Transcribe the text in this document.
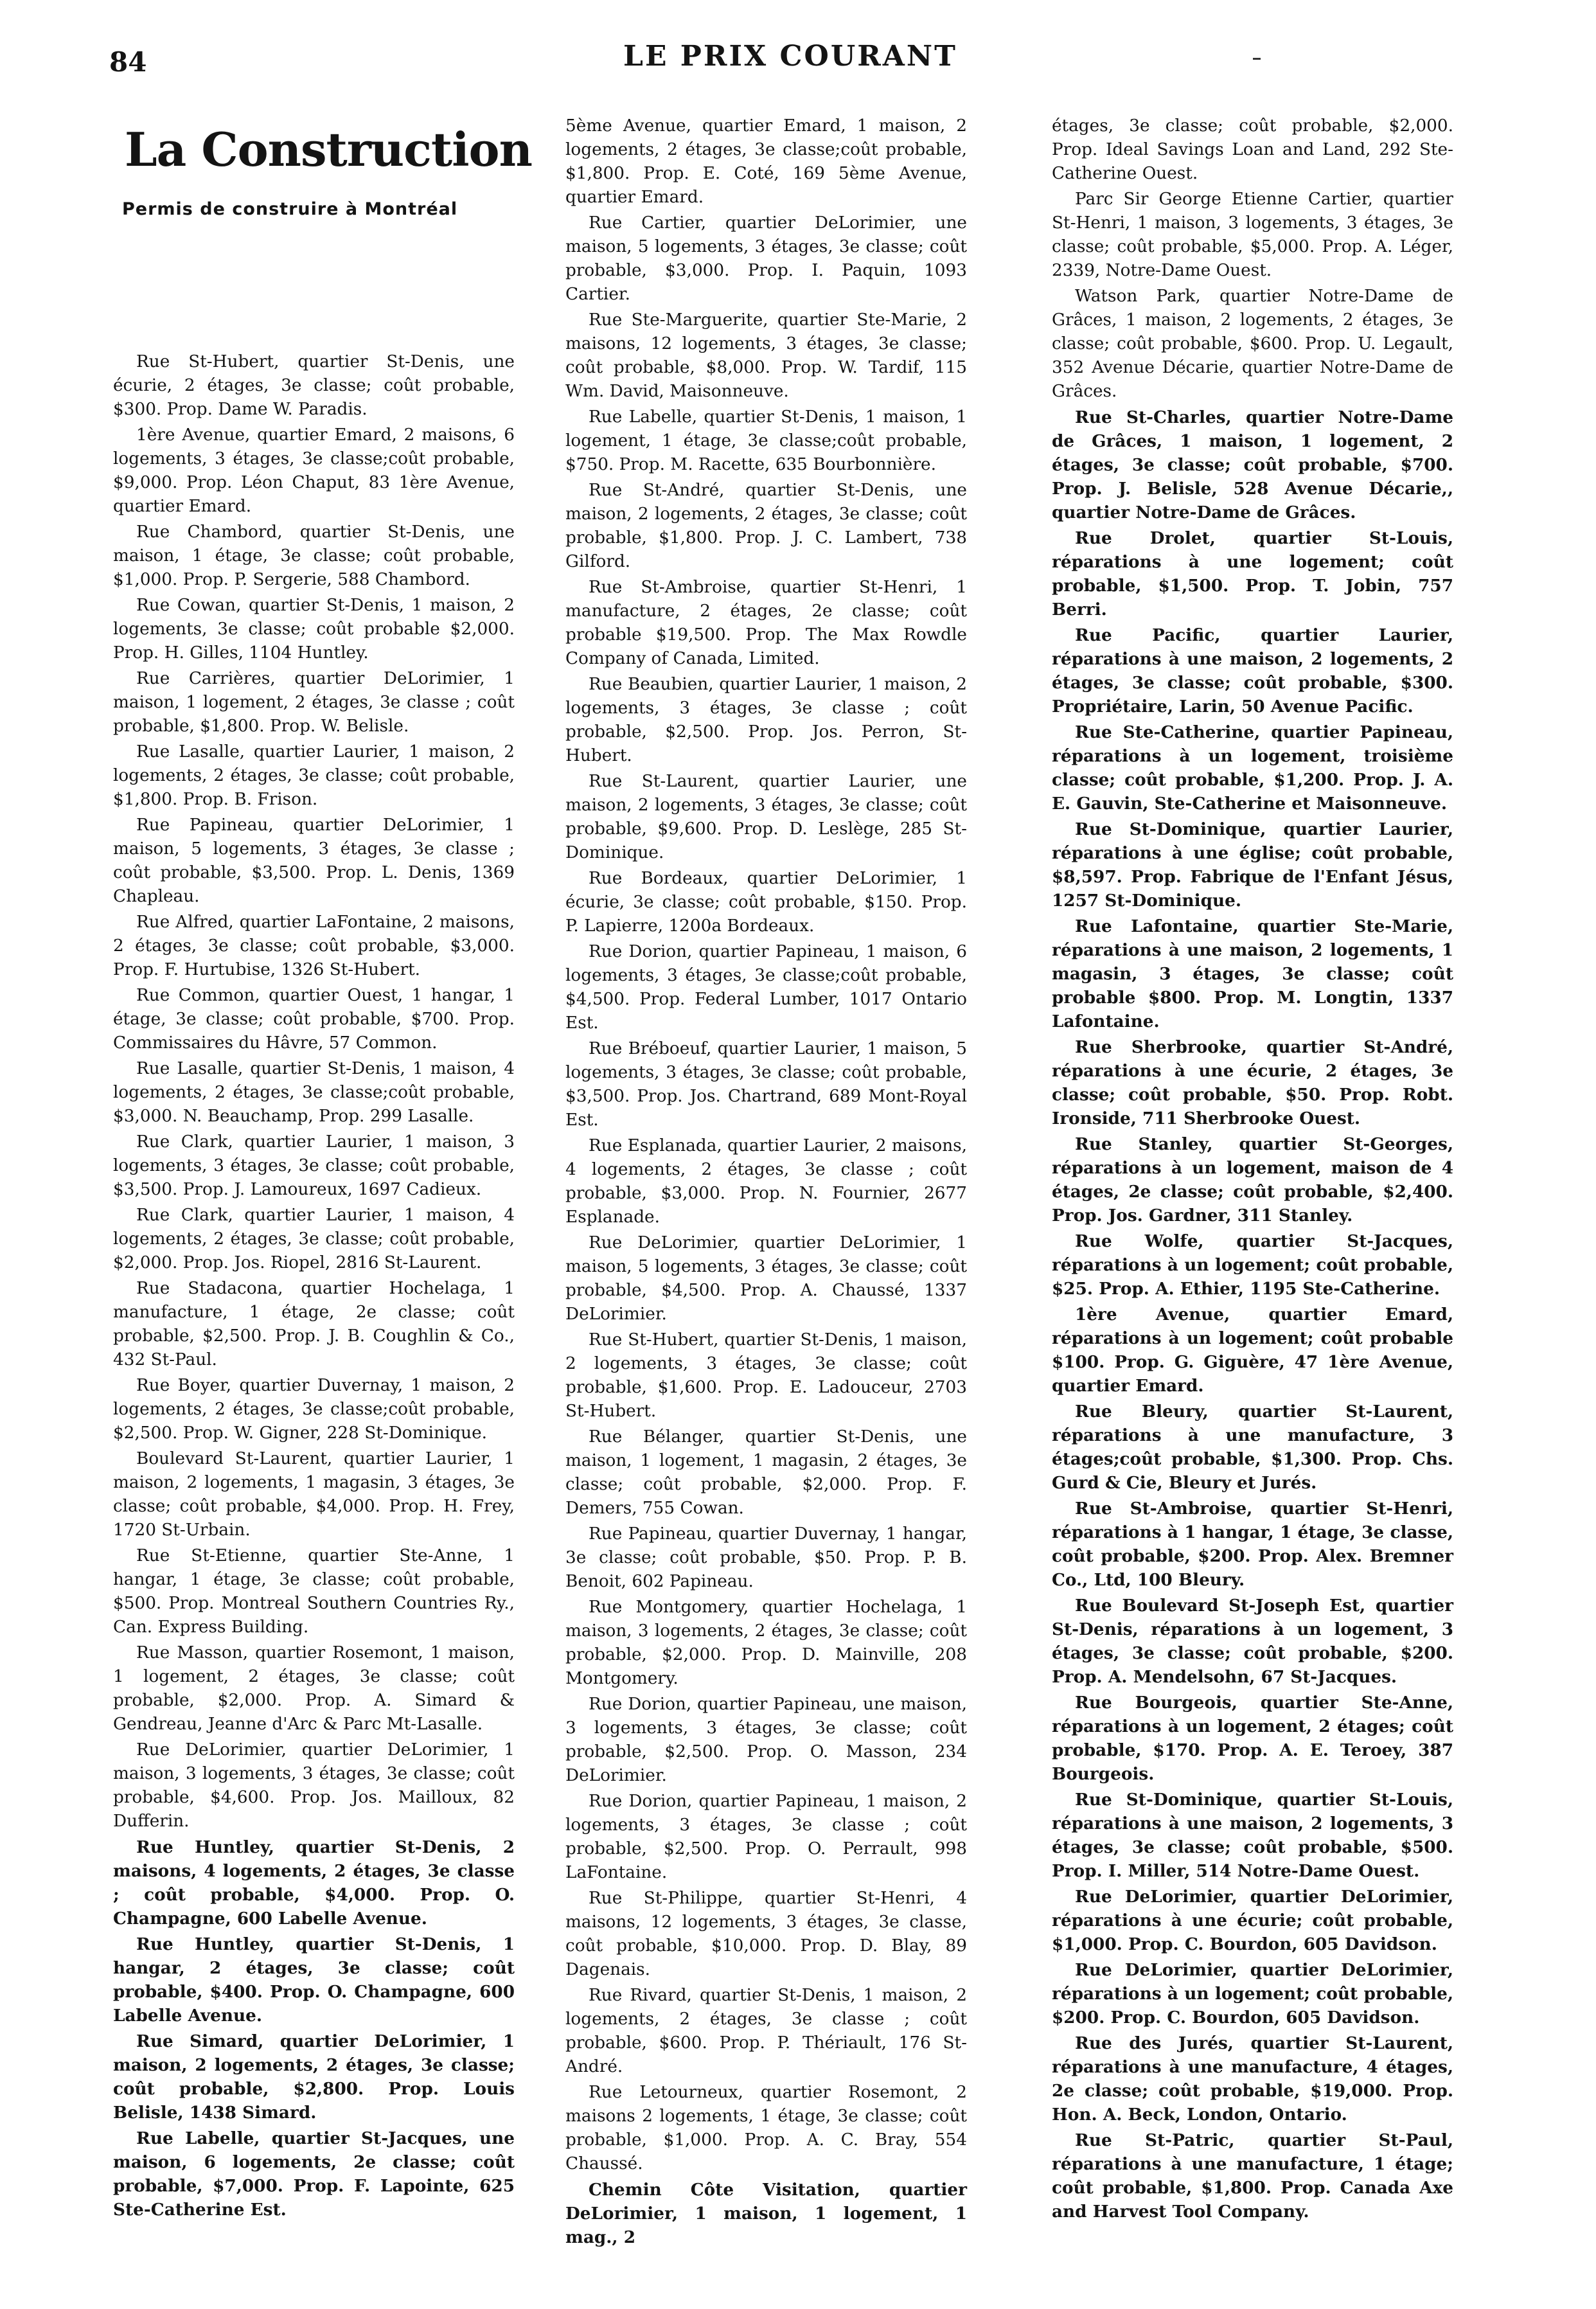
84	LE PRIX COURANT
La Construction
Permis de construire à Montréal

Rue St-Hubert, quartier St-Denis, une écurie, 2 étages, 3e classe; coût probable, $300. Prop. Dame W. Paradis.

1ère Avenue, quartier Emard, 2 maisons, 6 logements, 3 étages, 3e classe;coût probable, $9,000. Prop. Léon Chaput, 83 1ère Avenue, quartier Emard.

Rue Chambord, quartier St-Denis, une maison, 1 étage, 3e classe; coût probable, $1,000. Prop. P. Sergerie, 588 Chambord.

Rue Cowan, quartier St-Denis, 1 maison, 2 logements, 3e classe; coût probable $2,000. Prop. H. Gilles, 1104 Huntley.

Rue Carrières, quartier DeLorimier, 1 maison, 1 logement, 2 étages, 3e classe ; coût probable, $1,800. Prop. W. Belisle.

Rue Lasalle, quartier Laurier, 1 maison, 2 logements, 2 étages, 3e classe; coût probable, $1,800. Prop. B. Frison.

Rue Papineau, quartier DeLorimier, 1 maison, 5 logements, 3 étages, 3e classe ; coût probable, $3,500. Prop. L. Denis, 1369 Chapleau.

Rue Alfred, quartier LaFontaine, 2 maisons, 2 étages, 3e classe; coût probable, $3,000. Prop. F. Hurtubise, 1326 St-Hubert.

Rue Common, quartier Ouest, 1 hangar, 1 étage, 3e classe; coût probable, $700. Prop. Commissaires du Hâvre, 57 Common.

Rue Lasalle, quartier St-Denis, 1 maison, 4 logements, 2 étages, 3e classe;coût probable, $3,000. N. Beauchamp, Prop. 299 Lasalle.

Rue Clark, quartier Laurier, 1 maison, 3 logements, 3 étages, 3e classe; coût probable, $3,500. Prop. J. Lamoureux, 1697 Cadieux.

Rue Clark, quartier Laurier, 1 maison, 4 logements, 2 étages, 3e classe; coût probable, $2,000. Prop. Jos. Riopel, 2816 St-Laurent.

Rue Stadacona, quartier Hochelaga, 1 manufacture, 1 étage, 2e classe; coût probable, $2,500. Prop. J. B. Coughlin & Co., 432 St-Paul.

Rue Boyer, quartier Duvernay, 1 maison, 2 logements, 2 étages, 3e classe;coût probable, $2,500. Prop. W. Gigner, 228 St-Dominique.

Boulevard St-Laurent, quartier Laurier, 1 maison, 2 logements, 1 magasin, 3 étages, 3e classe; coût probable, $4,000. Prop. H. Frey, 1720 St-Urbain.

Rue St-Etienne, quartier Ste-Anne, 1 hangar, 1 étage, 3e classe; coût probable, $500. Prop. Montreal Southern Countries Ry., Can. Express Building.

Rue Masson, quartier Rosemont, 1 maison, 1 logement, 2 étages, 3e classe; coût probable, $2,000. Prop. A. Simard & Gendreau, Jeanne d'Arc & Parc Mt-Lasalle.

Rue DeLorimier, quartier DeLorimier, 1 maison, 3 logements, 3 étages, 3e classe; coût probable, $4,600. Prop. Jos. Mailloux, 82 Dufferin.

Rue Huntley, quartier St-Denis, 2 maisons, 4 logements, 2 étages, 3e classe ; coût probable, $4,000. Prop. O. Champagne, 600 Labelle Avenue.

Rue Huntley, quartier St-Denis, 1 hangar, 2 étages, 3e classe; coût probable, $400. Prop. O. Champagne, 600 Labelle Avenue.

Rue Simard, quartier DeLorimier, 1 maison, 2 logements, 2 étages, 3e classe; coût probable, $2,800. Prop. Louis Belisle, 1438 Simard.

Rue Labelle, quartier St-Jacques, une maison, 6 logements, 2e classe; coût probable, $7,000. Prop. F. Lapointe, 625 Ste-Catherine Est.

5ème Avenue, quartier Emard, 1 maison, 2 logements, 2 étages, 3e classe;coût probable, $1,800. Prop. E. Coté, 169 5ème Avenue, quartier Emard.

Rue Cartier, quartier DeLorimier, une maison, 5 logements, 3 étages, 3e classe; coût probable, $3,000. Prop. I. Paquin, 1093 Cartier.

Rue Ste-Marguerite, quartier Ste-Marie, 2 maisons, 12 logements, 3 étages, 3e classe; coût probable, $8,000. Prop. W. Tardif, 115 Wm. David, Maisonneuve.

Rue Labelle, quartier St-Denis, 1 maison, 1 logement, 1 étage, 3e classe;coût probable, $750. Prop. M. Racette, 635 Bourbonnière.

Rue St-André, quartier St-Denis, une maison, 2 logements, 2 étages, 3e classe; coût probable, $1,800. Prop. J. C. Lambert, 738 Gilford.

Rue St-Ambroise, quartier St-Henri, 1 manufacture, 2 étages, 2e classe; coût probable $19,500. Prop. The Max Rowdle Company of Canada, Limited.

Rue Beaubien, quartier Laurier, 1 maison, 2 logements, 3 étages, 3e classe ; coût probable, $2,500. Prop. Jos. Perron, St-Hubert.

Rue St-Laurent, quartier Laurier, une maison, 2 logements, 3 étages, 3e classe; coût probable, $9,600. Prop. D. Leslège, 285 St-Dominique.

Rue Bordeaux, quartier DeLorimier, 1 écurie, 3e classe; coût probable, $150. Prop. P. Lapierre, 1200a Bordeaux.

Rue Dorion, quartier Papineau, 1 maison, 6 logements, 3 étages, 3e classe;coût probable, $4,500. Prop. Federal Lumber, 1017 Ontario Est.

Rue Bréboeuf, quartier Laurier, 1 maison, 5 logements, 3 étages, 3e classe; coût probable, $3,500. Prop. Jos. Chartrand, 689 Mont-Royal Est.

Rue Esplanada, quartier Laurier, 2 maisons, 4 logements, 2 étages, 3e classe ; coût probable, $3,000. Prop. N. Fournier, 2677 Esplanade.

Rue DeLorimier, quartier DeLorimier, 1 maison, 5 logements, 3 étages, 3e classe; coût probable, $4,500. Prop. A. Chaussé, 1337 DeLorimier.

Rue St-Hubert, quartier St-Denis, 1 maison, 2 logements, 3 étages, 3e classe; coût probable, $1,600. Prop. E. Ladouceur, 2703 St-Hubert.

Rue Bélanger, quartier St-Denis, une maison, 1 logement, 1 magasin, 2 étages, 3e classe; coût probable, $2,000. Prop. F. Demers, 755 Cowan.

Rue Papineau, quartier Duvernay, 1 hangar, 3e classe; coût probable, $50. Prop. P. B. Benoit, 602 Papineau.

Rue Montgomery, quartier Hochelaga, 1 maison, 3 logements, 2 étages, 3e classe; coût probable, $2,000. Prop. D. Mainville, 208 Montgomery.

Rue Dorion, quartier Papineau, une maison, 3 logements, 3 étages, 3e classe; coût probable, $2,500. Prop. O. Masson, 234 DeLorimier.

Rue Dorion, quartier Papineau, 1 maison, 2 logements, 3 étages, 3e classe ; coût probable, $2,500. Prop. O. Perrault, 998 LaFontaine.

Rue St-Philippe, quartier St-Henri, 4 maisons, 12 logements, 3 étages, 3e classe, coût probable, $10,000. Prop. D. Blay, 89 Dagenais.

Rue Rivard, quartier St-Denis, 1 maison, 2 logements, 2 étages, 3e classe ; coût probable, $600. Prop. P. Thériault, 176 St-André.

Rue Letourneux, quartier Rosemont, 2 maisons 2 logements, 1 étage, 3e classe; coût probable, $1,000. Prop. A. C. Bray, 554 Chaussé.

Chemin Côte Visitation, quartier DeLorimier, 1 maison, 1 logement, 1 mag., 2

étages, 3e classe; coût probable, $2,000. Prop. Ideal Savings Loan and Land, 292 Ste-Catherine Ouest.

Parc Sir George Etienne Cartier, quartier St-Henri, 1 maison, 3 logements, 3 étages, 3e classe; coût probable, $5,000. Prop. A. Léger, 2339, Notre-Dame Ouest.

Watson Park, quartier Notre-Dame de Grâces, 1 maison, 2 logements, 2 étages, 3e classe; coût probable, $600. Prop. U. Legault, 352 Avenue Décarie, quartier Notre-Dame de Grâces.

Rue St-Charles, quartier Notre-Dame de Grâces, 1 maison, 1 logement, 2 étages, 3e classe; coût probable, $700. Prop. J. Belisle, 528 Avenue Décarie,, quartier Notre-Dame de Grâces.

Rue Drolet, quartier St-Louis, réparations à une logement; coût probable, $1,500. Prop. T. Jobin, 757 Berri.

Rue Pacific, quartier Laurier, réparations à une maison, 2 logements, 2 étages, 3e classe; coût probable, $300. Propriétaire, Larin, 50 Avenue Pacific.

Rue Ste-Catherine, quartier Papineau, réparations à un logement, troisième classe; coût probable, $1,200. Prop. J. A. E. Gauvin, Ste-Catherine et Maisonneuve.

Rue St-Dominique, quartier Laurier, réparations à une église; coût probable, $8,597. Prop. Fabrique de l'Enfant Jésus, 1257 St-Dominique.

Rue Lafontaine, quartier Ste-Marie, réparations à une maison, 2 logements, 1 magasin, 3 étages, 3e classe; coût probable $800. Prop. M. Longtin, 1337 Lafontaine.

Rue Sherbrooke, quartier St-André, réparations à une écurie, 2 étages, 3e classe; coût probable, $50. Prop. Robt. Ironside, 711 Sherbrooke Ouest.

Rue Stanley, quartier St-Georges, réparations à un logement, maison de 4 étages, 2e classe; coût probable, $2,400. Prop. Jos. Gardner, 311 Stanley.

Rue Wolfe, quartier St-Jacques, réparations à un logement; coût probable, $25. Prop. A. Ethier, 1195 Ste-Catherine.

1ère Avenue, quartier Emard, réparations à un logement; coût probable $100. Prop. G. Giguère, 47 1ère Avenue, quartier Emard.

Rue Bleury, quartier St-Laurent, réparations à une manufacture, 3 étages;coût probable, $1,300. Prop. Chs. Gurd & Cie, Bleury et Jurés.

Rue St-Ambroise, quartier St-Henri, réparations à 1 hangar, 1 étage, 3e classe, coût probable, $200. Prop. Alex. Bremner Co., Ltd, 100 Bleury.

Rue Boulevard St-Joseph Est, quartier St-Denis, réparations à un logement, 3 étages, 3e classe; coût probable, $200. Prop. A. Mendelsohn, 67 St-Jacques.

Rue Bourgeois, quartier Ste-Anne, réparations à un logement, 2 étages; coût probable, $170. Prop. A. E. Teroey, 387 Bourgeois.

Rue St-Dominique, quartier St-Louis, réparations à une maison, 2 logements, 3 étages, 3e classe; coût probable, $500. Prop. I. Miller, 514 Notre-Dame Ouest.

Rue DeLorimier, quartier DeLorimier, réparations à une écurie; coût probable, $1,000. Prop. C. Bourdon, 605 Davidson.

Rue DeLorimier, quartier DeLorimier, réparations à un logement; coût probable, $200. Prop. C. Bourdon, 605 Davidson.

Rue des Jurés, quartier St-Laurent, réparations à une manufacture, 4 étages, 2e classe; coût probable, $19,000. Prop. Hon. A. Beck, London, Ontario.

Rue St-Patric, quartier St-Paul, réparations à une manufacture, 1 étage; coût probable, $1,800. Prop. Canada Axe and Harvest Tool Company.
